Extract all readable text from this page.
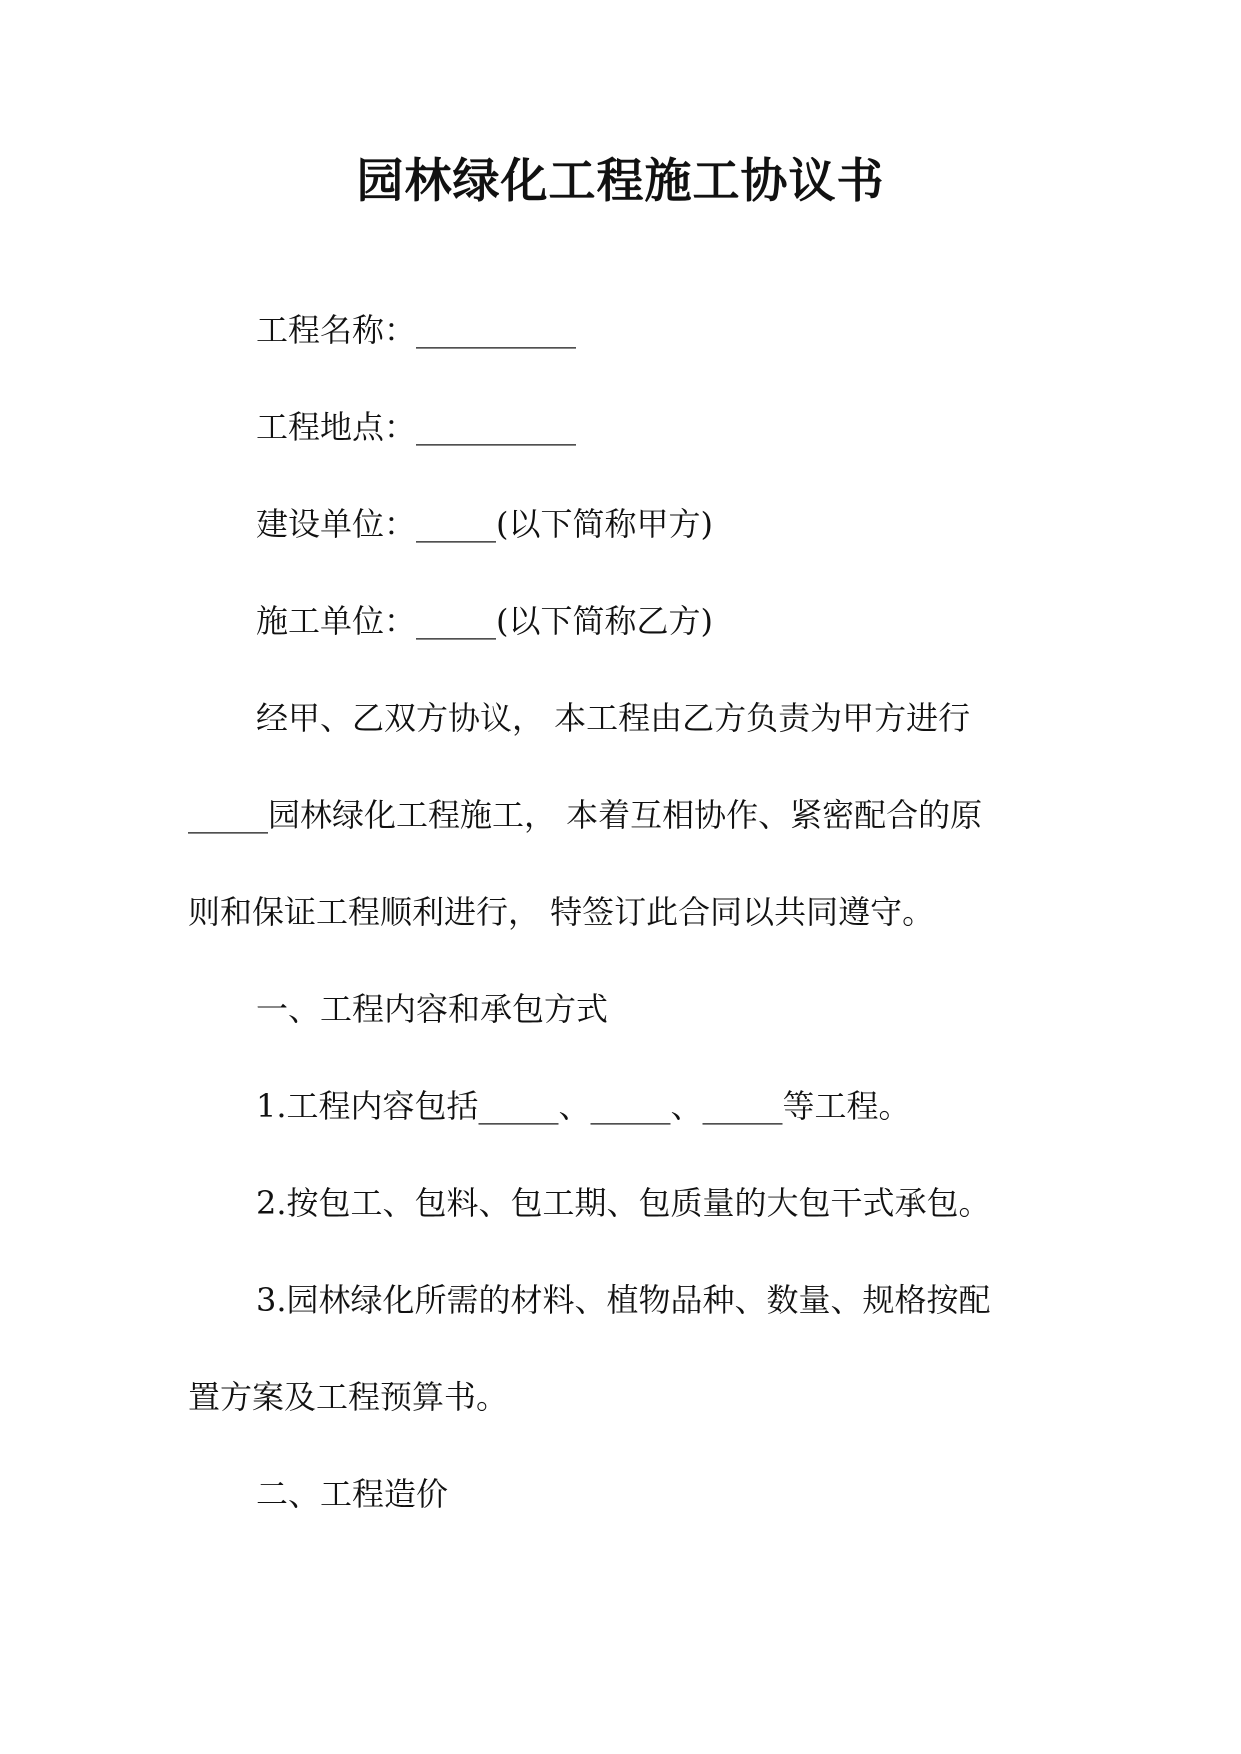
园林绿化工程施工协议书

工程名称：__________

工程地点：__________

建设单位：_____(以下简称甲方)

施工单位：_____(以下简称乙方)

经甲、乙双方协议， 本工程由乙方负责为甲方进行

_____园林绿化工程施工， 本着互相协作、紧密配合的原

则和保证工程顺利进行， 特签订此合同以共同遵守。

一、工程内容和承包方式

1.工程内容包括_____、_____、_____等工程。

2.按包工、包料、包工期、包质量的大包干式承包。

3.园林绿化所需的材料、植物品种、数量、规格按配

置方案及工程预算书。

二、工程造价
